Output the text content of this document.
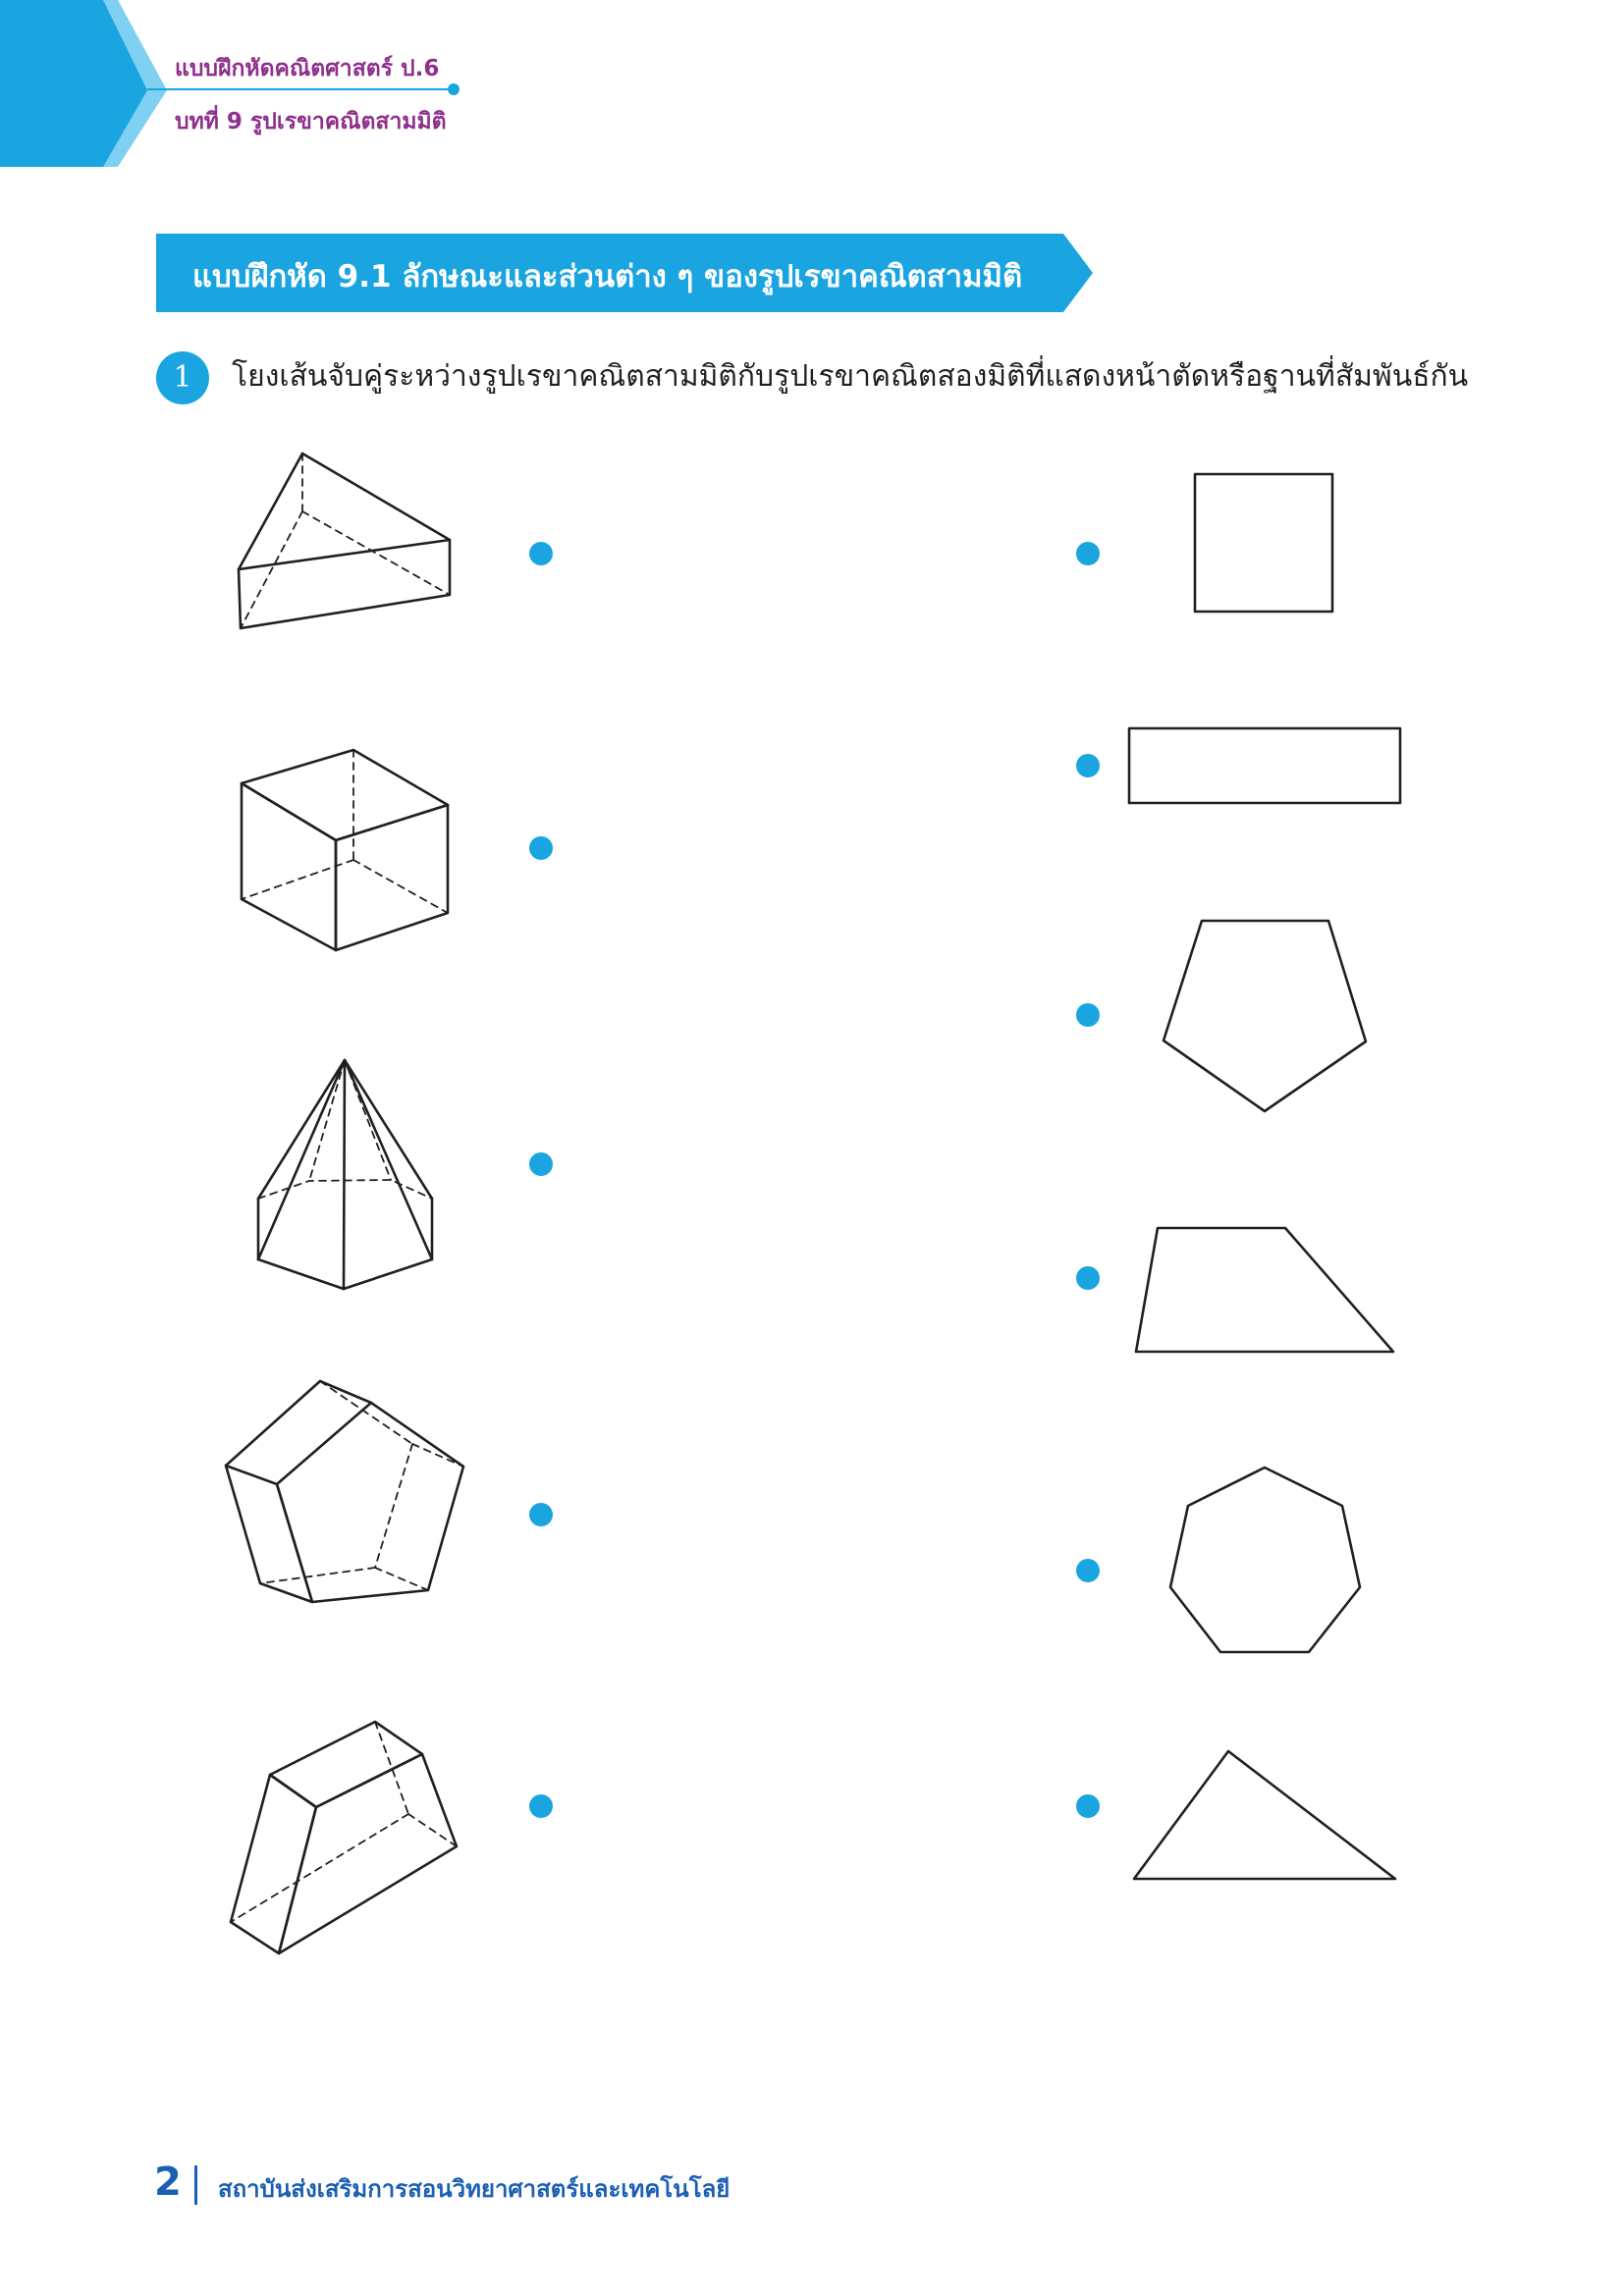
แบบฝึกหัดคณิตศาสตร์ ป.6
บทที่ 9 รูปเรขาคณิตสามมิติ
แบบฝึกหัด 9.1 ลักษณะและส่วนต่าง ๆ ของรูปเรขาคณิตสามมิติ
1	โยงเส้นจับคู่ระหว่างรูปเรขาคณิตสามมิติกับรูปเรขาคณิตสองมิติที่แสดงหน้าตัดหรือฐานที่สัมพันธ์กัน
2 สถาบันส่งเสริมการสอนวิทยาศาสตร์และเทคโนโลยี
